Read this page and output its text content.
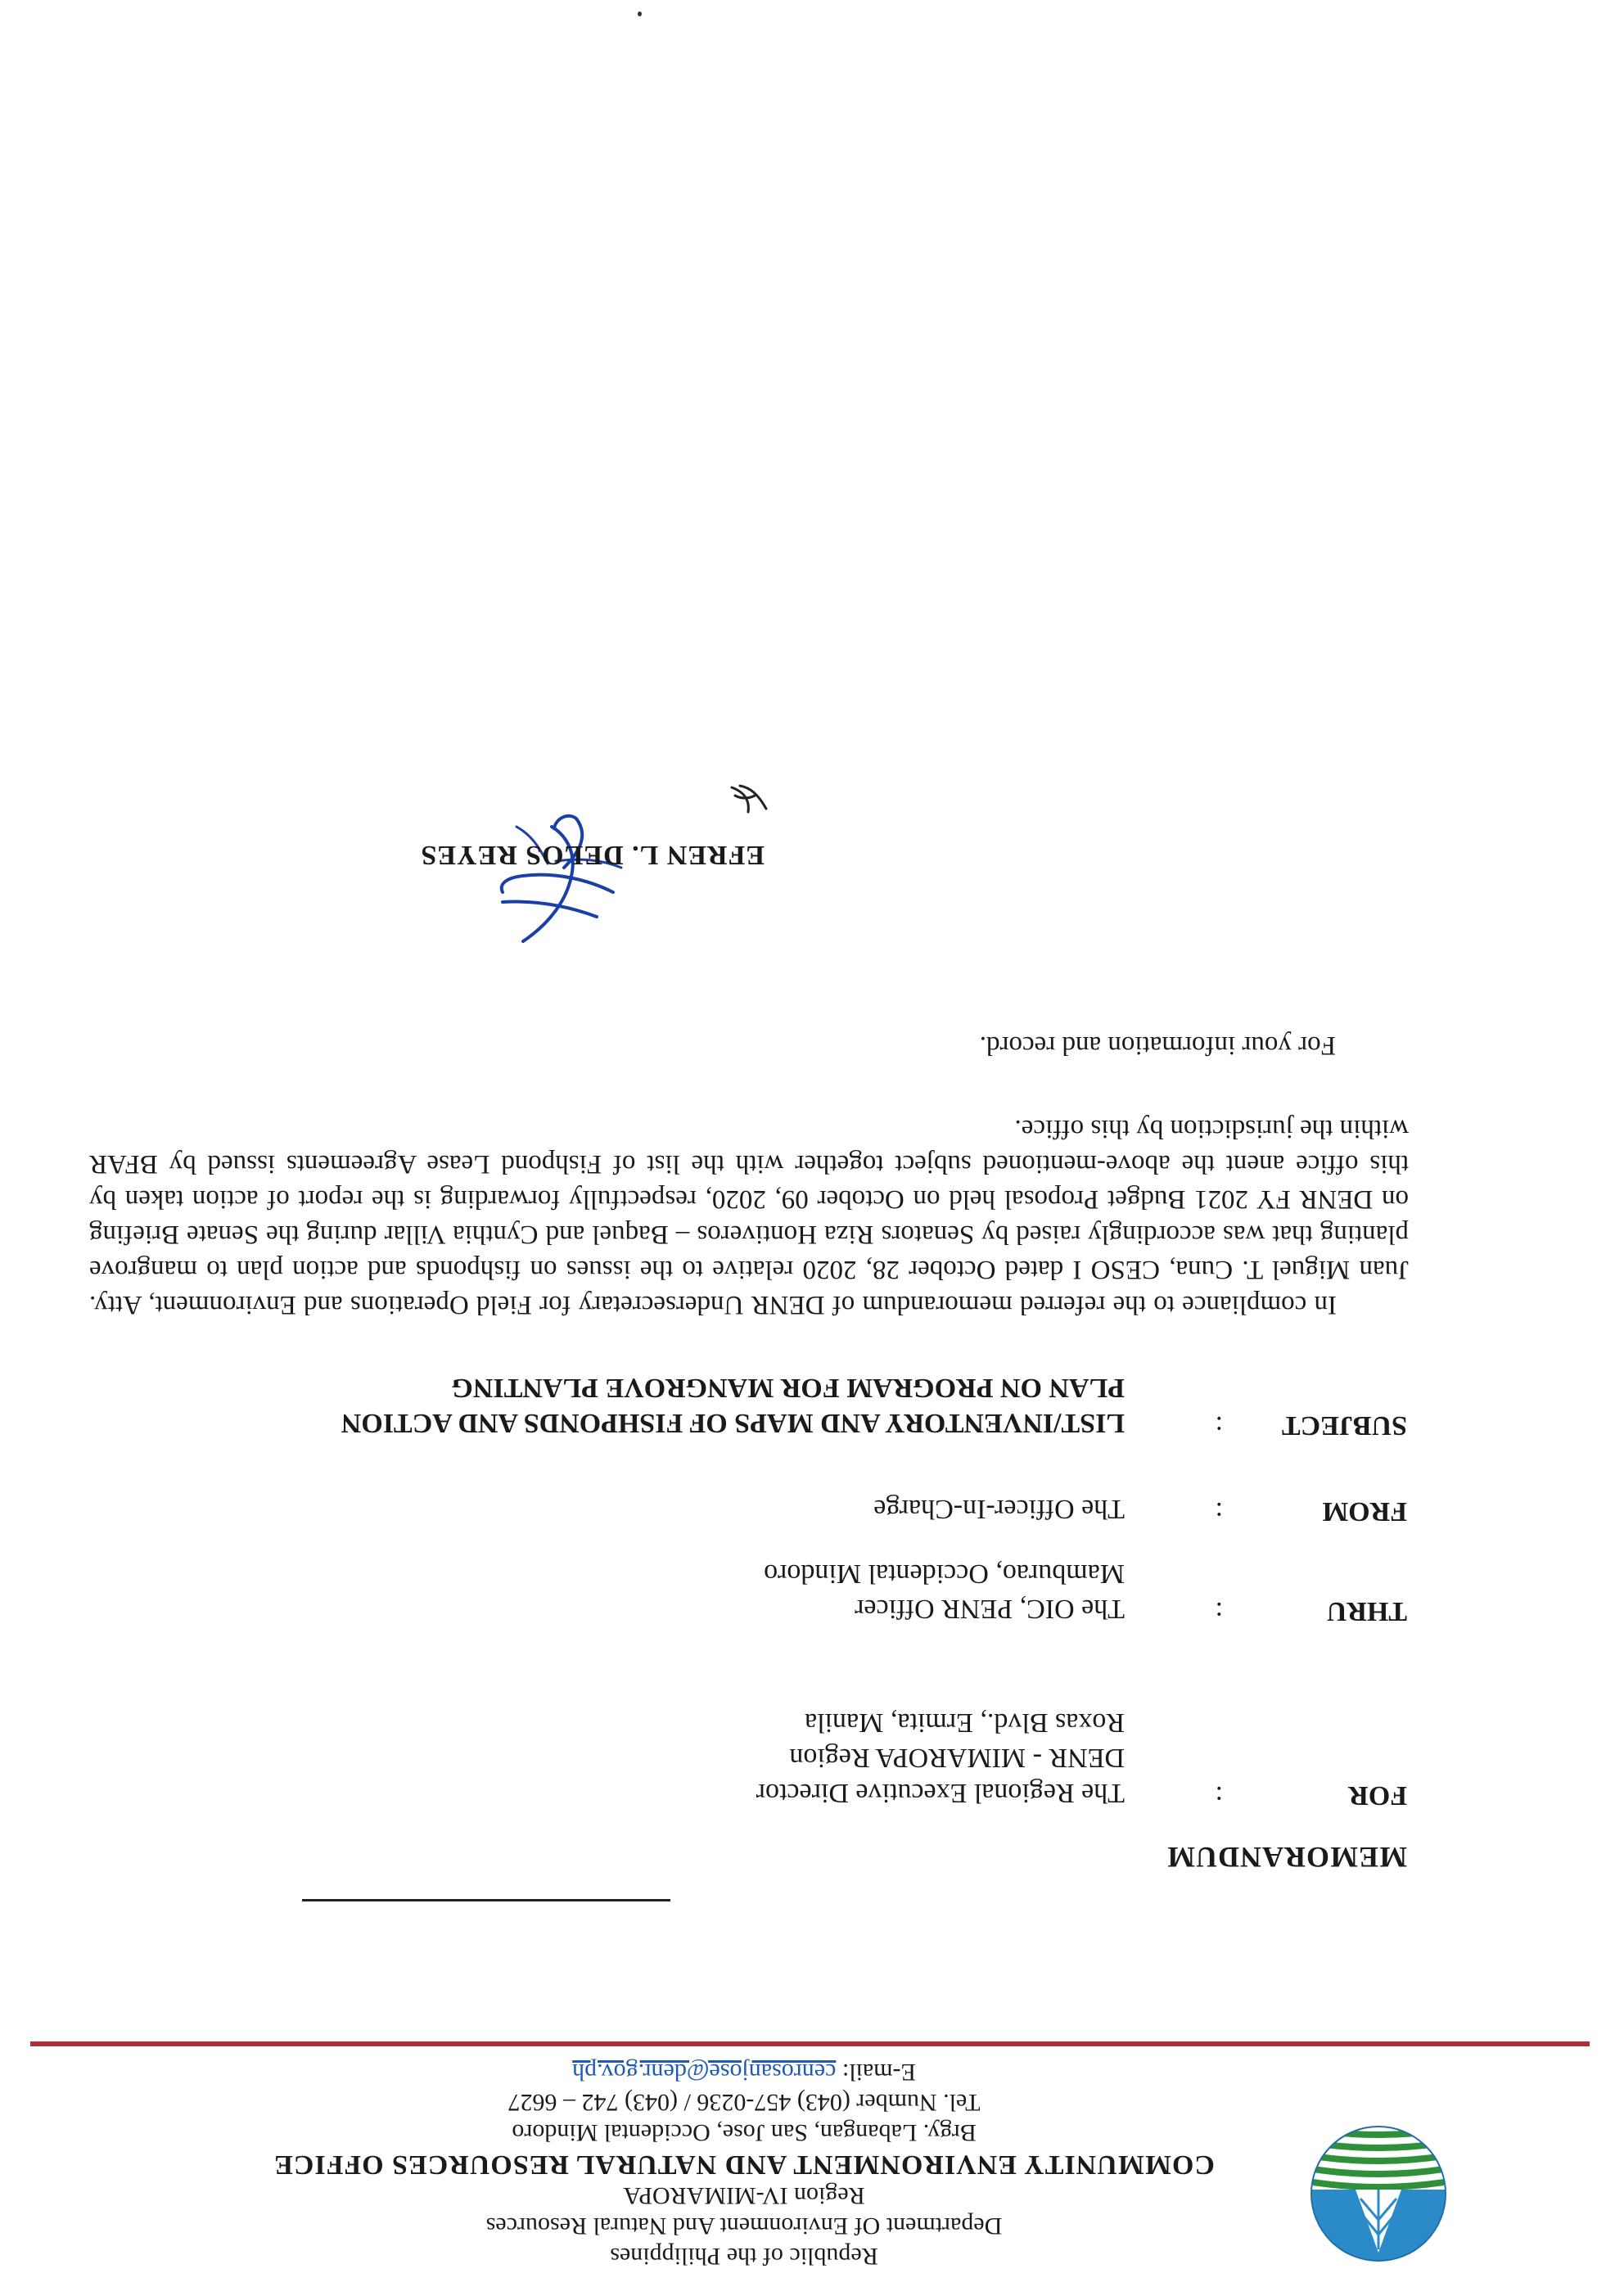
Republic of the Philippines
Department Of Environment And Natural Resources
Region IV-MIMAROPA
COMMUNITY ENVIRONMENT AND NATURAL RESOURCES OFFICE
Brgy. Labangan, San Jose, Occidental Mindoro
Tel. Number (043) 457-0236 / (043) 742 – 6627
E-mail: cenrosanjose@denr.gov.ph
MEMORANDUM
FOR
:
The Regional Executive Director
DENR - MIMAROPA Region
Roxas Blvd., Ermita, Manila
THRU
:
The OIC, PENR Officer
Mamburao, Occidental Mindoro
FROM
:
The Officer-In-Charge
SUBJECT
:
LIST/INVENTORY AND MAPS OF FISHPONDS AND ACTION
PLAN ON PROGRAM FOR MANGROVE PLANTING
In compliance to the referred memorandum of DENR Undersecretary for Field Operations and Environment, Atty. Juan Miguel T. Cuna, CESO I dated October 28, 2020 relative to the issues on fishponds and action plan to mangrove planting that was accordingly raised by Senators Riza Hontiveros – Baquel and Cynthia Villar during the Senate Briefing on DENR FY 2021 Budget Proposal held on October 09, 2020, respectfully forwarding is the report of action taken by this office anent the above-mentioned subject together with the list of Fishpond Lease Agreements issued by BFAR within the jurisdiction by this office.
For your information and record.
EFREN L. DELOS REYES
